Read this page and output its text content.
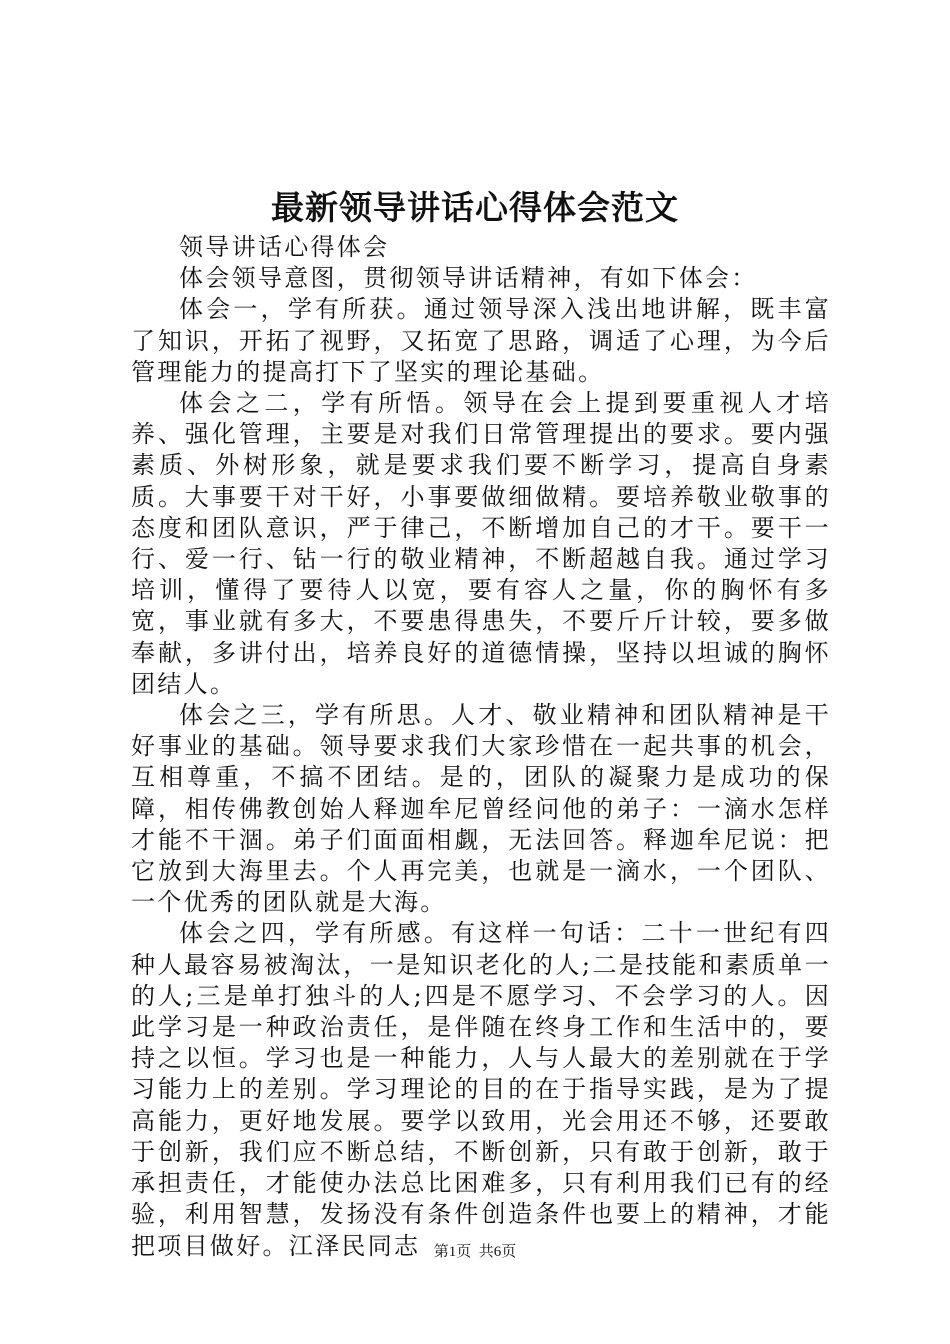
最新领导讲话心得体会范文

领导讲话心得体会

体会领导意图，贯彻领导讲话精神，有如下体会：

体会一，学有所获。通过领导深入浅出地讲解，既丰富了知识，开拓了视野，又拓宽了思路，调适了心理，为今后管理能力的提高打下了坚实的理论基础。

体会之二，学有所悟。领导在会上提到要重视人才培养、强化管理，主要是对我们日常管理提出的要求。要内强素质、外树形象，就是要求我们要不断学习，提高自身素质。大事要干对干好，小事要做细做精。要培养敬业敬事的态度和团队意识，严于律己，不断增加自己的才干。要干一行、爱一行、钻一行的敬业精神，不断超越自我。通过学习培训，懂得了要待人以宽，要有容人之量，你的胸怀有多宽，事业就有多大，不要患得患失，不要斤斤计较，要多做奉献，多讲付出，培养良好的道德情操，坚持以坦诚的胸怀团结人。

体会之三，学有所思。人才、敬业精神和团队精神是干好事业的基础。领导要求我们大家珍惜在一起共事的机会，互相尊重，不搞不团结。是的，团队的凝聚力是成功的保障，相传佛教创始人释迦牟尼曾经问他的弟子：一滴水怎样才能不干涸。弟子们面面相觑，无法回答。释迦牟尼说：把它放到大海里去。个人再完美，也就是一滴水，一个团队、一个优秀的团队就是大海。

体会之四，学有所感。有这样一句话：二十一世纪有四种人最容易被淘汰，一是知识老化的人;二是技能和素质单一的人;三是单打独斗的人;四是不愿学习、不会学习的人。因此学习是一种政治责任，是伴随在终身工作和生活中的，要持之以恒。学习也是一种能力，人与人最大的差别就在于学习能力上的差别。学习理论的目的在于指导实践，是为了提高能力，更好地发展。要学以致用，光会用还不够，还要敢于创新，我们应不断总结，不断创新，只有敢于创新，敢于承担责任，才能使办法总比困难多，只有利用我们已有的经验，利用智慧，发扬没有条件创造条件也要上的精神，才能把项目做好。江泽民同志 第1页  共6页
